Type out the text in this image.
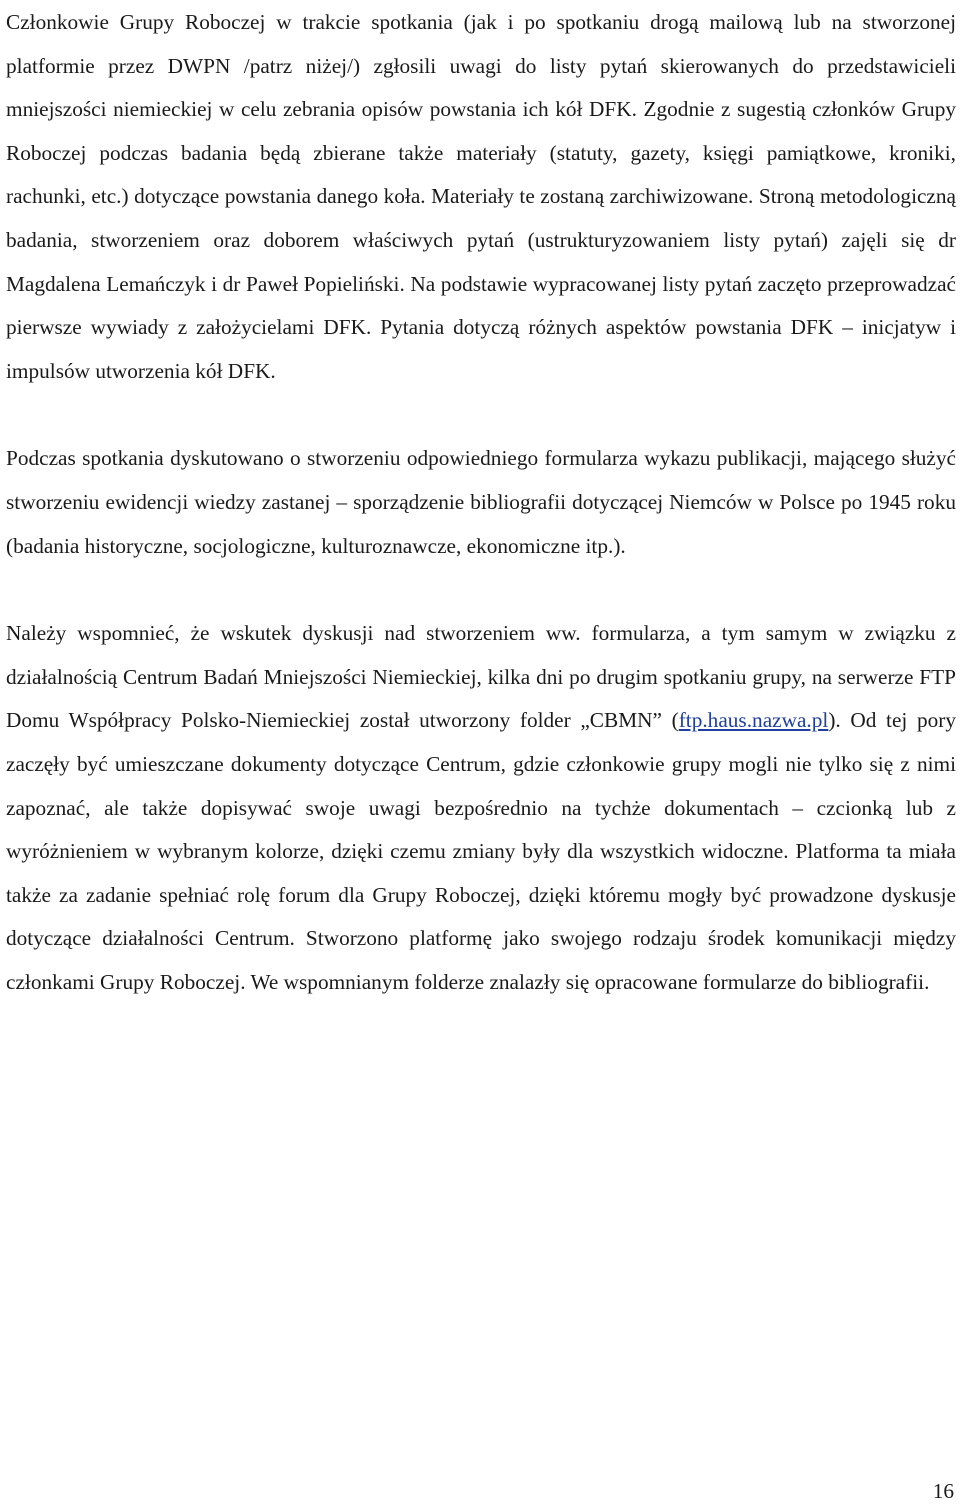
Członkowie Grupy Roboczej w trakcie spotkania (jak i po spotkaniu drogą mailową lub na stworzonej platformie przez DWPN /patrz niżej/) zgłosili uwagi do listy pytań skierowanych do przedstawicieli mniejszości niemieckiej w celu zebrania opisów powstania ich kół DFK. Zgodnie z sugestią członków Grupy Roboczej podczas badania będą zbierane także materiały (statuty, gazety, księgi pamiątkowe, kroniki, rachunki, etc.) dotyczące powstania danego koła. Materiały te zostaną zarchiwizowane. Stroną metodologiczną badania, stworzeniem oraz doborem właściwych pytań (ustrukturyzowaniem listy pytań) zajęli się dr Magdalena Lemańczyk i dr Paweł Popieliński. Na podstawie wypracowanej listy pytań zaczęto przeprowadzać pierwsze wywiady z założycielami DFK. Pytania dotyczą różnych aspektów powstania DFK – inicjatyw i impulsów utworzenia kół DFK.

Podczas spotkania dyskutowano o stworzeniu odpowiedniego formularza wykazu publikacji, mającego służyć stworzeniu ewidencji wiedzy zastanej – sporządzenie bibliografii dotyczącej Niemców w Polsce po 1945 roku (badania historyczne, socjologiczne, kulturoznawcze, ekonomiczne itp.).

Należy wspomnieć, że wskutek dyskusji nad stworzeniem ww. formularza, a tym samym w związku z działalnością Centrum Badań Mniejszości Niemieckiej, kilka dni po drugim spotkaniu grupy, na serwerze FTP Domu Współpracy Polsko-Niemieckiej został utworzony folder „CBMN” (ftp.haus.nazwa.pl). Od tej pory zaczęły być umieszczane dokumenty dotyczące Centrum, gdzie członkowie grupy mogli nie tylko się z nimi zapoznać, ale także dopisywać swoje uwagi bezpośrednio na tychże dokumentach – czcionką lub z wyróżnieniem w wybranym kolorze, dzięki czemu zmiany były dla wszystkich widoczne. Platforma ta miała także za zadanie spełniać rolę forum dla Grupy Roboczej, dzięki któremu mogły być prowadzone dyskusje dotyczące działalności Centrum. Stworzono platformę jako swojego rodzaju środek komunikacji między członkami Grupy Roboczej. We wspomnianym folderze znalazły się opracowane formularze do bibliografii.

16
